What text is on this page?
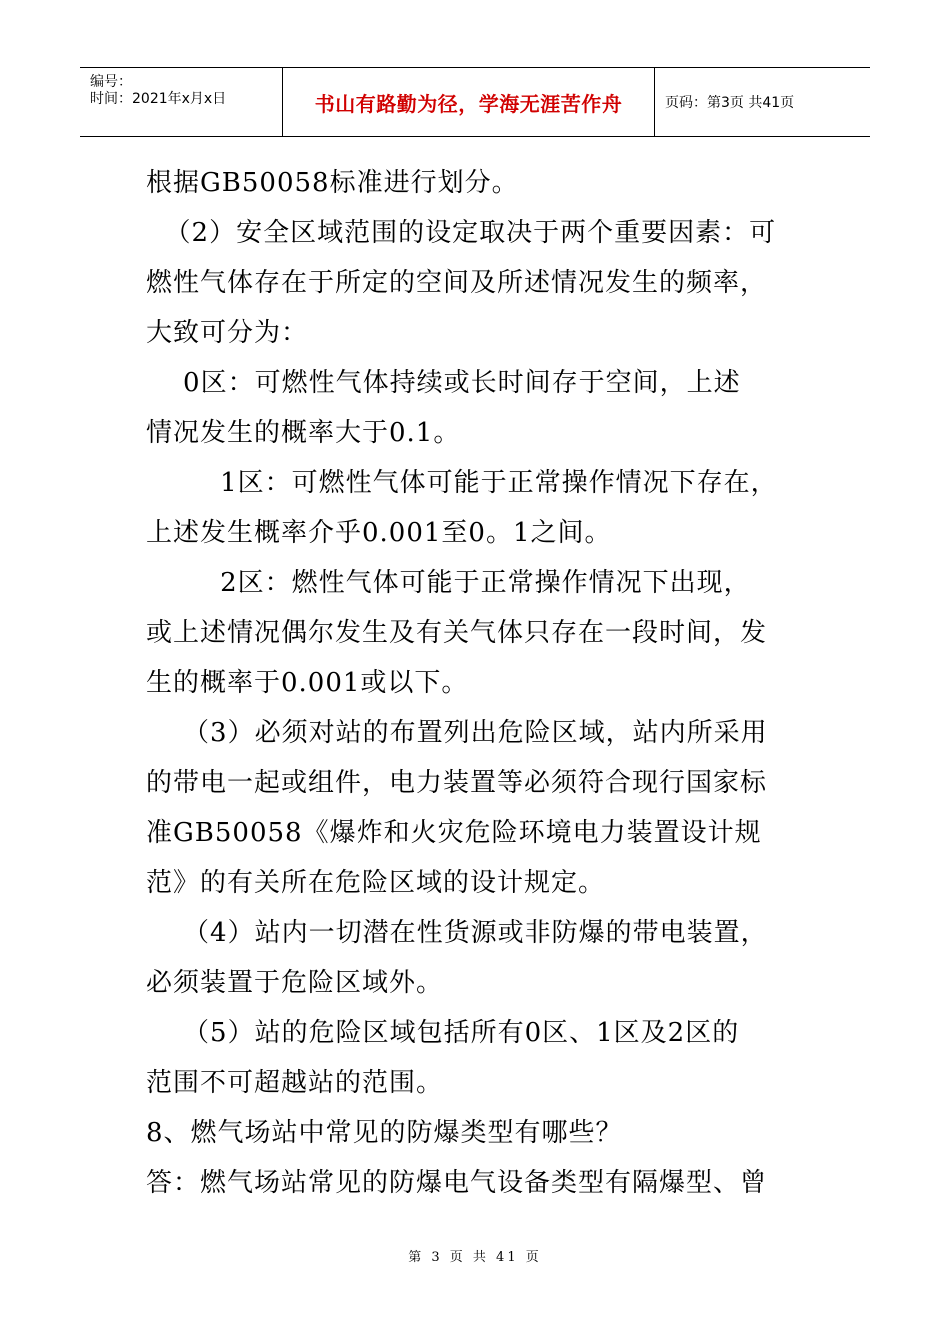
编号：
时间：2021年x月x日	书山有路勤为径，学海无涯苦作舟	页码：第3页 共41页
根据GB50058标准进行划分。
（2）安全区域范围的设定取决于两个重要因素：可
燃性气体存在于所定的空间及所述情况发生的频率，
大致可分为：
0区：可燃性气体持续或长时间存于空间，上述
情况发生的概率大于0.1。
1区：可燃性气体可能于正常操作情况下存在，
上述发生概率介乎0.001至0。1之间。
2区：燃性气体可能于正常操作情况下出现，
或上述情况偶尔发生及有关气体只存在一段时间，发
生的概率于0.001或以下。
（3）必须对站的布置列出危险区域，站内所采用
的带电一起或组件，电力装置等必须符合现行国家标
准GB50058《爆炸和火灾危险环境电力装置设计规
范》的有关所在危险区域的设计规定。
（4）站内一切潜在性货源或非防爆的带电装置，
必须装置于危险区域外。
（5）站的危险区域包括所有0区、1区及2区的
范围不可超越站的范围。
8、燃气场站中常见的防爆类型有哪些？
答：燃气场站常见的防爆电气设备类型有隔爆型、曾
第 3 页 共 41 页
